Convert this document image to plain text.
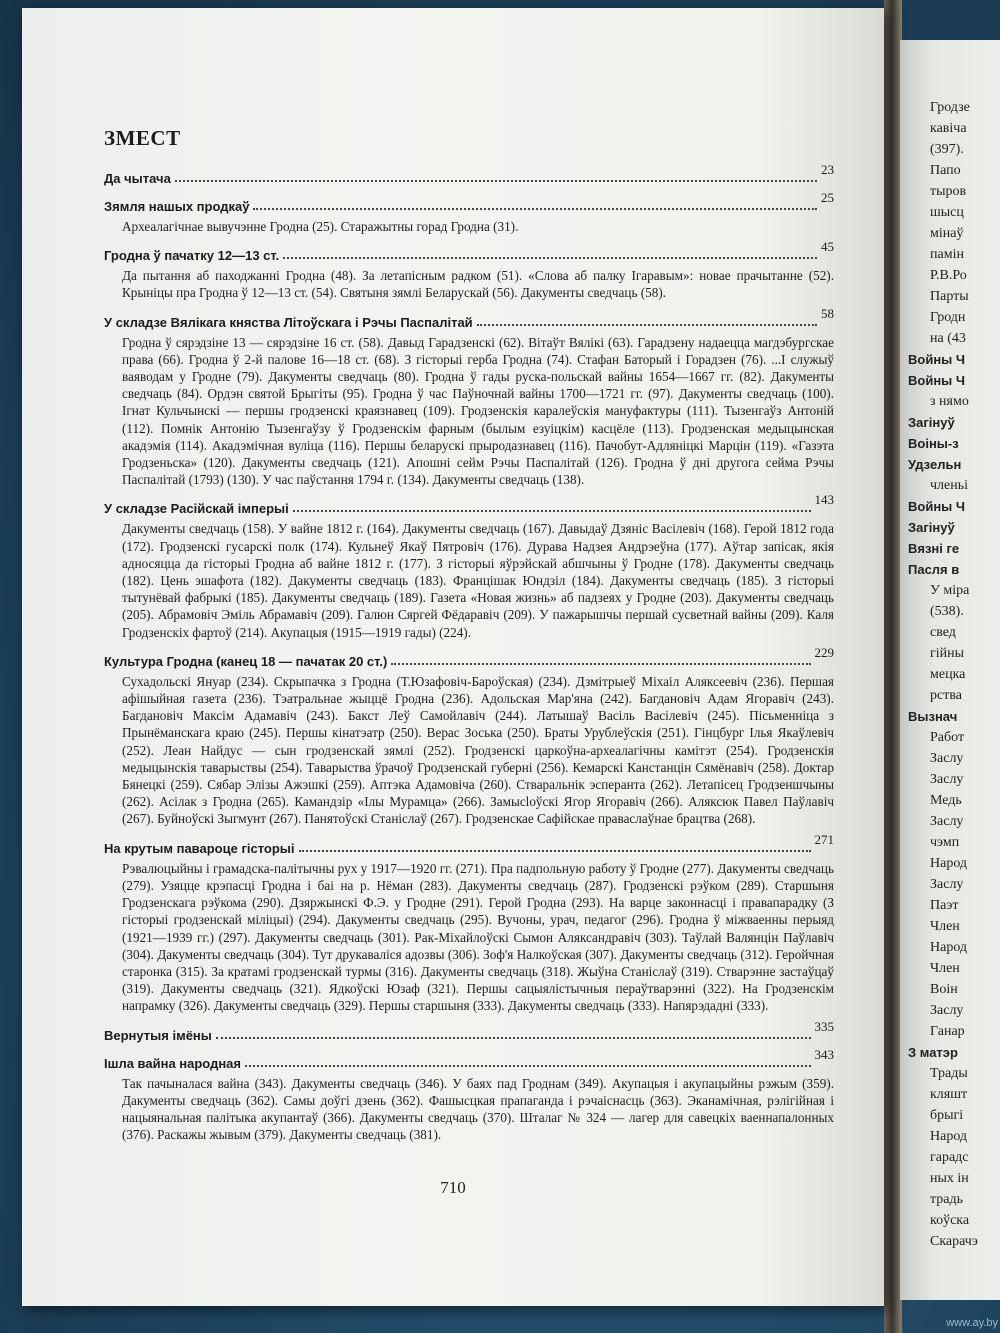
Гродзе
кавіча
(397).
Папо
тыров
шысц
мінаў
памін
Р.В.Ро
Парты
Гродн
на (43
Войны Ч
Войны Ч
з нямо
Загінуў
Воіны-з
Удзельн
членьі
Войны Ч
Загінуў
Вязні ге
Пасля в
У міра
(538).
свед
гійны
мецка
рства
Вызнач
Работ
Заслу
Заслу
Медь
Заслу
чэмп
Народ
Заслу
Паэт
Член
Народ
Член
Воін
Заслу
Ганар
З матэр
Трады
кляшт
брыгі
Народ
гарадс
ных ін
традь
коўска
Скарачэ
ЗМЕСТ
Да чытача
23
Зямля нашых продкаў
25
Археалагічнае вывучэнне Гродна (25). Старажытны горад Гродна (31).
Гродна ў пачатку 12—13 ст.
45
Да пытання аб паходжанні Гродна (48). За летапісным радком (51). «Слова аб палку Ігаравым»: новае прачытанне (52). Крыніцы пра Гродна ў 12—13 ст. (54). Святыня зямлі Беларускай (56). Дакументы сведчаць (58).
У складзе Вялікага княства Літоўскага і Рэчы Паспалітай
58
Гродна ў сярэдзіне 13 — сярэдзіне 16 ст. (58). Давыд Гарадзенскі (62). Вітаўт Вялікі (63). Гарадзену надаецца магдэбургскае права (66). Гродна ў 2-й палове 16—18 ст. (68). З гісторыі герба Гродна (74). Стафан Баторый і Горадзен (76). ...І служыў ваяводам у Гродне (79). Дакументы сведчаць (80). Гродна ў гады руска-польскай вайны 1654—1667 гг. (82). Дакументы сведчаць (84). Ордэн святой Брыгіты (95). Гродна ў час Паўночнай вайны 1700—1721 гг. (97). Дакументы сведчаць (100). Ігнат Кульчынскі — першы гродзенскі краязнавец (109). Гродзенскія каралеўскія мануфактуры (111). Тызенгаўз Антоній (112). Помнік Антонію Тызенгаўзу ў Гродзенскім фарным (былым езуіцкім) касцёле (113). Гродзенская медыцынская акадэмія (114). Акадэмічная вуліца (116). Першы беларускі прыродазнавец (116). Пачобут-Адляніцкі Марцін (119). «Газэта Гродзеньска» (120). Дакументы сведчаць (121). Апошні сейм Рэчы Паспалітай (126). Гродна ў дні другога сейма Рэчы Паспалітай (1793) (130). У час паўстання 1794 г. (134). Дакументы сведчаць (138).
У складзе Расійскай імперыі
143
Дакументы сведчаць (158). У вайне 1812 г. (164). Дакументы сведчаць (167). Давыдаў Дзяніс Васілевіч (168). Герой 1812 года (172). Гродзенскі гусарскі полк (174). Кульнеў Якаў Пятровіч (176). Дурава Надзея Андрэеўна (177). Аўтар запісак, якія адносяцца да гісторыі Гродна аб вайне 1812 г. (177). З гісторыі яўрэйскай абшчыны ў Гродне (178). Дакументы сведчаць (182). Цень эшафота (182). Дакументы сведчаць (183). Францішак Юндзіл (184). Дакументы сведчаць (185). З гісторыі тытунёвай фабрыкі (185). Дакументы сведчаць (189). Газета «Новая жизнь» аб падзеях у Гродне (203). Дакументы сведчаць (205). Абрамовіч Эміль Абрамавіч (209). Галюн Сяргей Фёдаравіч (209). У пажарышчы першай сусветнай вайны (209). Каля Гродзенскіх фартоў (214). Акупацыя (1915—1919 гады) (224).
Культура Гродна (канец 18 — пачатак 20 ст.)
229
Сухадольскі Януар (234). Скрыпачка з Гродна (Т.Юзафовіч-Бароўская) (234). Дзмітрыеў Міхаіл Аляксеевіч (236). Першая афішыйная газета (236). Тэатральнае жыццё Гродна (236). Адольская Мар'яна (242). Багдановіч Адам Ягоравіч (243). Багдановіч Максім Адамавіч (243). Бакст Леў Самойлавіч (244). Латышаў Васіль Васілевіч (245). Пісьменніца з Прынёманскага краю (245). Першы кінатэатр (250). Верас Зоська (250). Браты Урублеўскія (251). Гінцбург Ілья Якаўлевіч (252). Леан Найдус — сын гродзенскай зямлі (252). Гродзенскі царкоўна-археалагічны камітэт (254). Гродзенскія медыцынскія таварыствы (254). Таварыства ўрачоў Гродзенскай губерні (256). Кемарскі Канстанцін Сямёнавіч (258). Доктар Бянецкі (259). Сябар Элізы Ажэшкі (259). Аптэка Адамовіча (260). Стваральнік эсперанта (262). Летапісец Гродзеншчыны (262). Асілак з Гродна (265). Камандзір «Ілы Мурамца» (266). Замысloўскі Ягор Ягоравіч (266). Аляксюк Павел Паўлавіч (267). Буйноўскі Зыгмунт (267). Панятоўскі Станіслаў (267). Гродзенскае Сафійскае праваслаўнае брацтва (268).
На крутым павароце гісторыі
271
Рэвалюцыйны і грамадска-палітычны рух у 1917—1920 гг. (271). Пра падпольную работу ў Гродне (277). Дакументы сведчаць (279). Узяцце крэпасці Гродна і бaі на р. Нёман (283). Дакументы сведчаць (287). Гродзенскі рэўком (289). Старшыня Гродзенскага рэўкома (290). Дзяржынскі Ф.Э. у Гродне (291). Герой Гродна (293). На варце законнасці і правапарадку (З гісторыі гродзенскай міліцыі) (294). Дакументы сведчаць (295). Вучоны, урач, педагог (296). Гродна ў міжваенны перыяд (1921—1939 гг.) (297). Дакументы сведчаць (301). Рак-Міхайлоўскі Сымон Аляксандравіч (303). Таўлай Валянцін Паўлавіч (304). Дакументы сведчаць (304). Тут друкаваліся адозвы (306). Зоф'я Налкоўская (307). Дакументы сведчаць (312). Геройчная старонка (315). За кратамі гродзенскай турмы (316). Дакументы сведчаць (318). Жыўна Станіслаў (319). Стварэнне застаўцаў (319). Дакументы сведчаць (321). Ядкоўскі Юзаф (321). Першы сацыялістычныя пераўтварэнні (322). На Гродзенскім напрамку (326). Дакументы сведчаць (329). Першы старшыня (333). Дакументы сведчаць (333). Напярэдадні (333).
Вернутыя імёны
335
Ішла вайна народная
343
Так пачыналася вайна (343). Дакументы сведчаць (346). У баях пад Гроднам (349). Акупацыя і акупацыйны рэжым (359). Дакументы сведчаць (362). Самы доўгі дзень (362). Фашысцкая прапаганда і рэчаіснасць (363). Эканамічная, рэлігійная і нацыянальная палітыка акупантаў (366). Дакументы сведчаць (370). Шталаг № 324 — лагер для савецкіх ваеннапалонных (376). Раскажы жывым (379). Дакументы сведчаць (381).
710
www.ay.by
